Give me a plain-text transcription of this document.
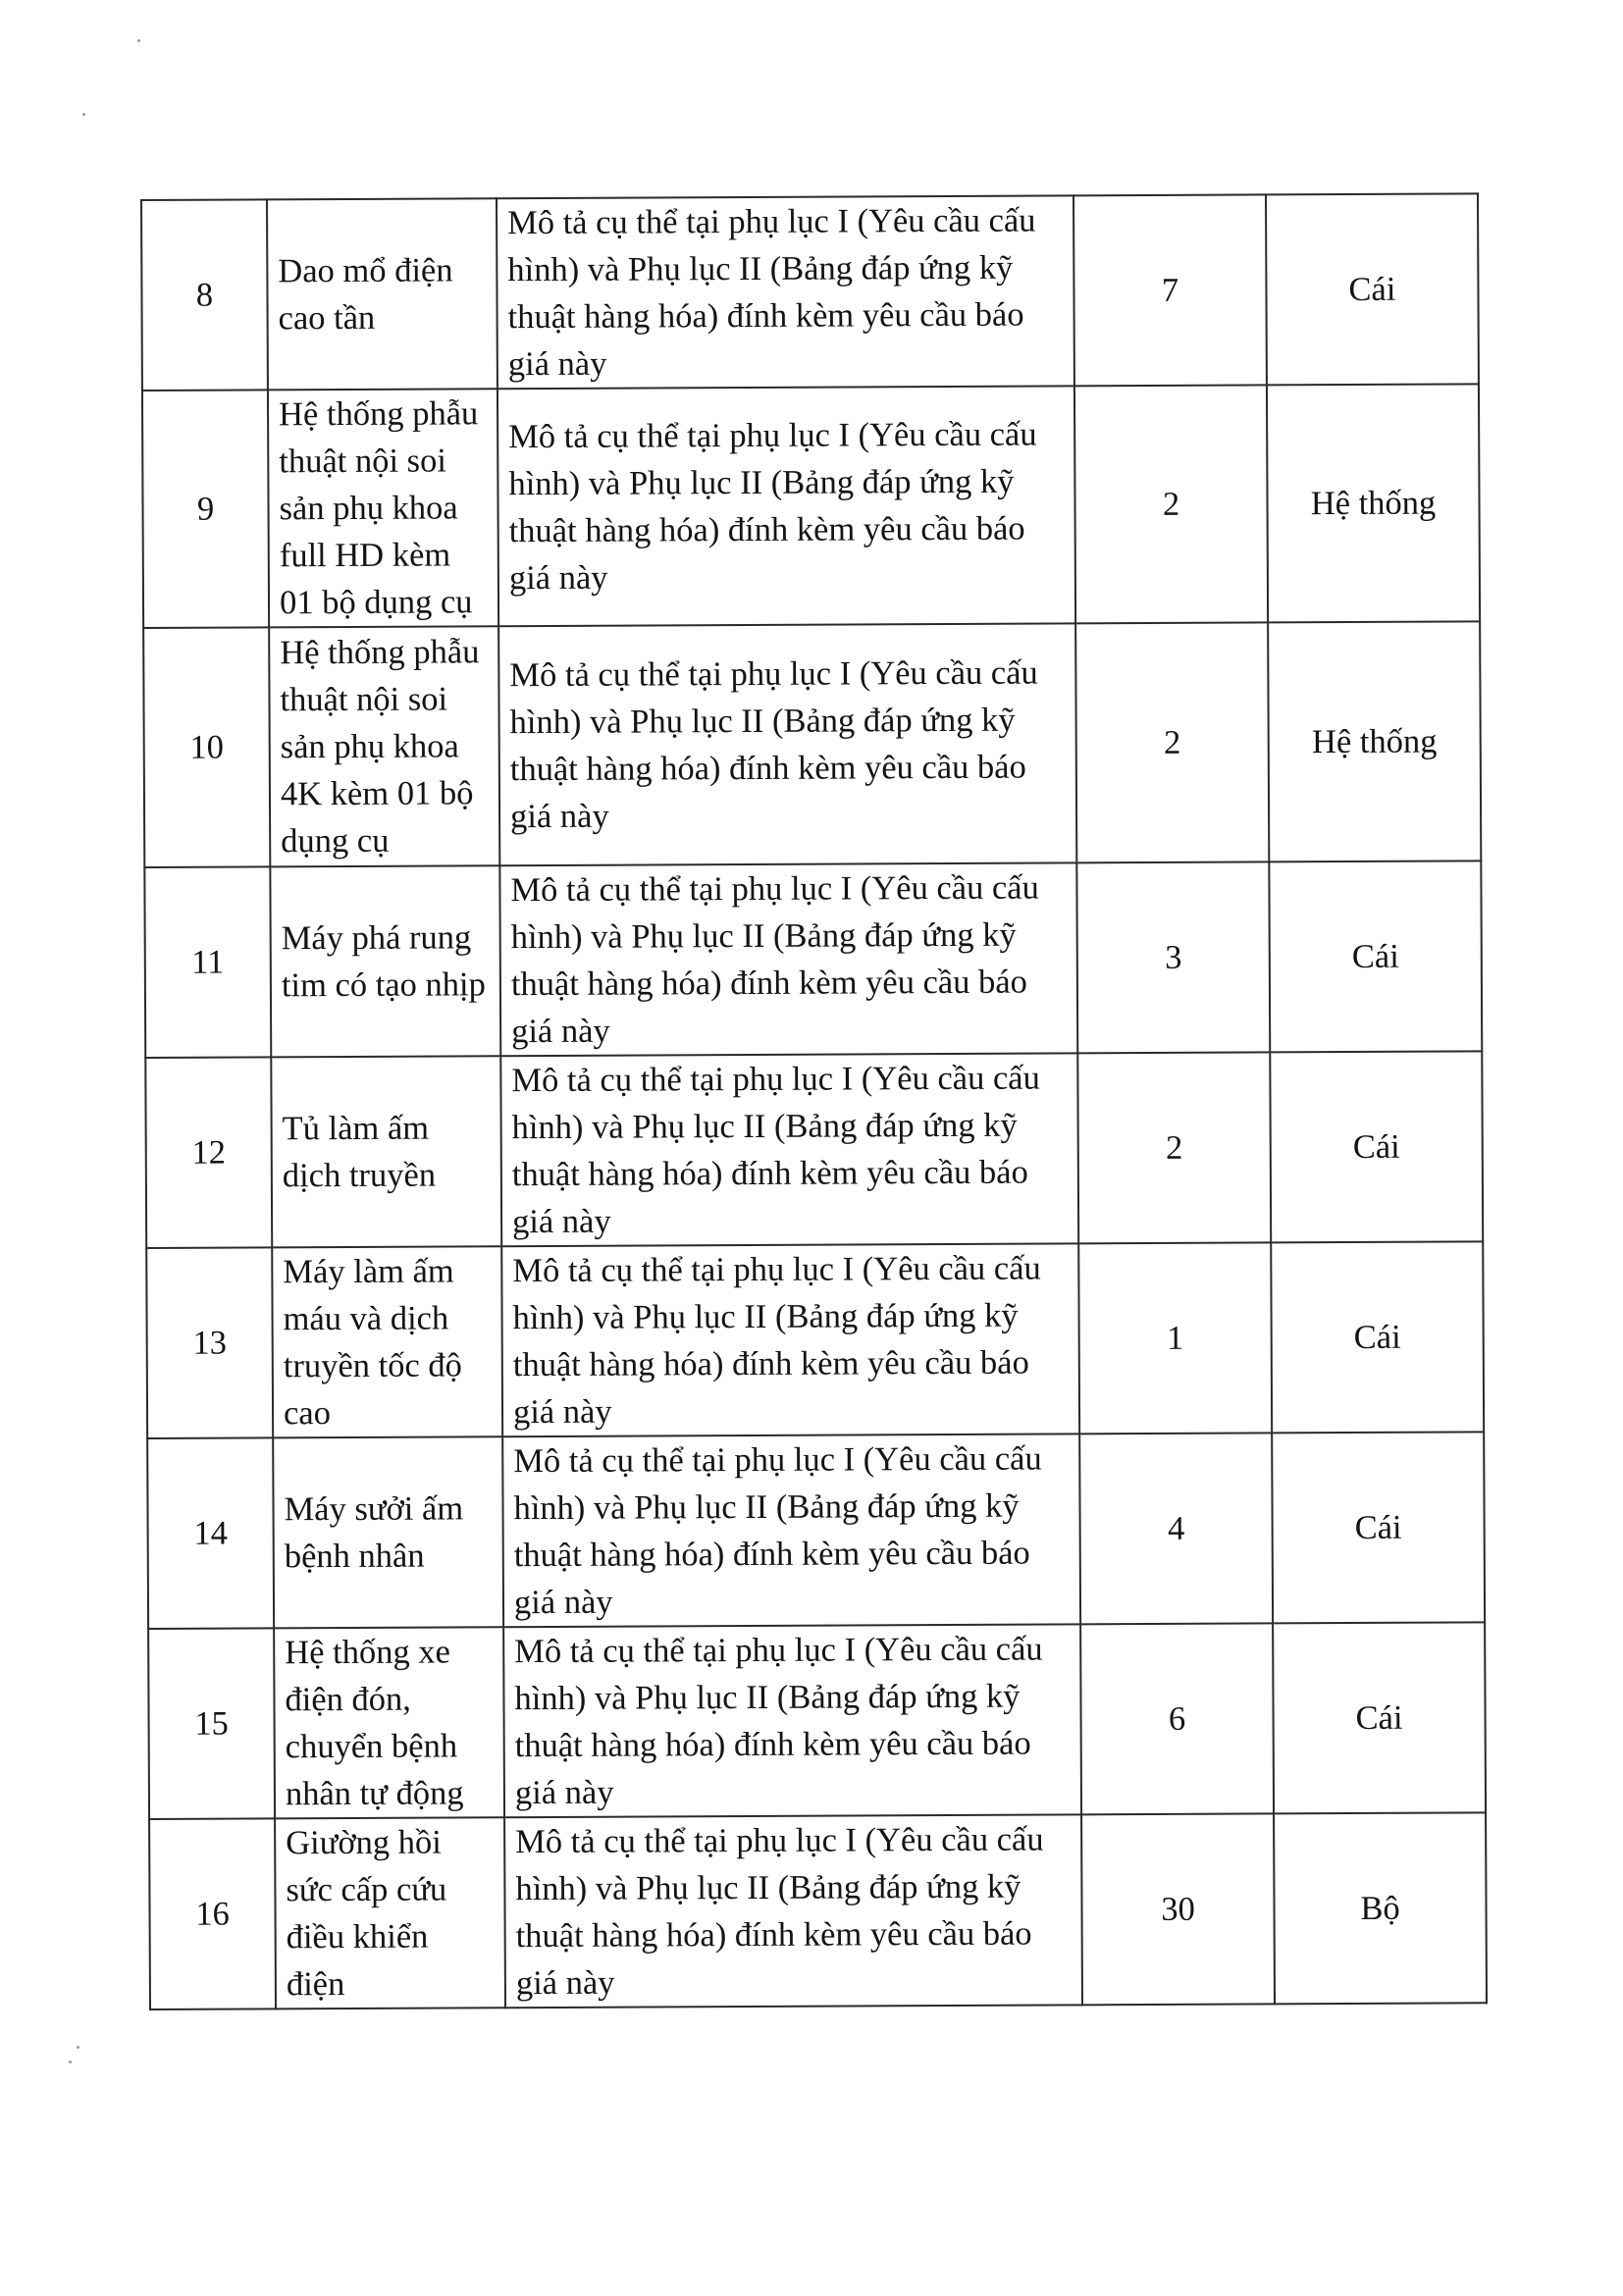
8	Dao mổ điện cao tần	Mô tả cụ thể tại phụ lục I (Yêu cầu cấu hình) và Phụ lục II (Bảng đáp ứng kỹ thuật hàng hóa) đính kèm yêu cầu báo giá này	7	Cái
9	Hệ thống phẫu thuật nội soi sản phụ khoa full HD kèm 01 bộ dụng cụ	Mô tả cụ thể tại phụ lục I (Yêu cầu cấu hình) và Phụ lục II (Bảng đáp ứng kỹ thuật hàng hóa) đính kèm yêu cầu báo giá này	2	Hệ thống
10	Hệ thống phẫu thuật nội soi sản phụ khoa 4K kèm 01 bộ dụng cụ	Mô tả cụ thể tại phụ lục I (Yêu cầu cấu hình) và Phụ lục II (Bảng đáp ứng kỹ thuật hàng hóa) đính kèm yêu cầu báo giá này	2	Hệ thống
11	Máy phá rung tim có tạo nhịp	Mô tả cụ thể tại phụ lục I (Yêu cầu cấu hình) và Phụ lục II (Bảng đáp ứng kỹ thuật hàng hóa) đính kèm yêu cầu báo giá này	3	Cái
12	Tủ làm ấm dịch truyền	Mô tả cụ thể tại phụ lục I (Yêu cầu cấu hình) và Phụ lục II (Bảng đáp ứng kỹ thuật hàng hóa) đính kèm yêu cầu báo giá này	2	Cái
13	Máy làm ấm máu và dịch truyền tốc độ cao	Mô tả cụ thể tại phụ lục I (Yêu cầu cấu hình) và Phụ lục II (Bảng đáp ứng kỹ thuật hàng hóa) đính kèm yêu cầu báo giá này	1	Cái
14	Máy sưởi ấm bệnh nhân	Mô tả cụ thể tại phụ lục I (Yêu cầu cấu hình) và Phụ lục II (Bảng đáp ứng kỹ thuật hàng hóa) đính kèm yêu cầu báo giá này	4	Cái
15	Hệ thống xe điện đón, chuyển bệnh nhân tự động	Mô tả cụ thể tại phụ lục I (Yêu cầu cấu hình) và Phụ lục II (Bảng đáp ứng kỹ thuật hàng hóa) đính kèm yêu cầu báo giá này	6	Cái
16	Giường hồi sức cấp cứu điều khiển điện	Mô tả cụ thể tại phụ lục I (Yêu cầu cấu hình) và Phụ lục II (Bảng đáp ứng kỹ thuật hàng hóa) đính kèm yêu cầu báo giá này	30	Bộ
